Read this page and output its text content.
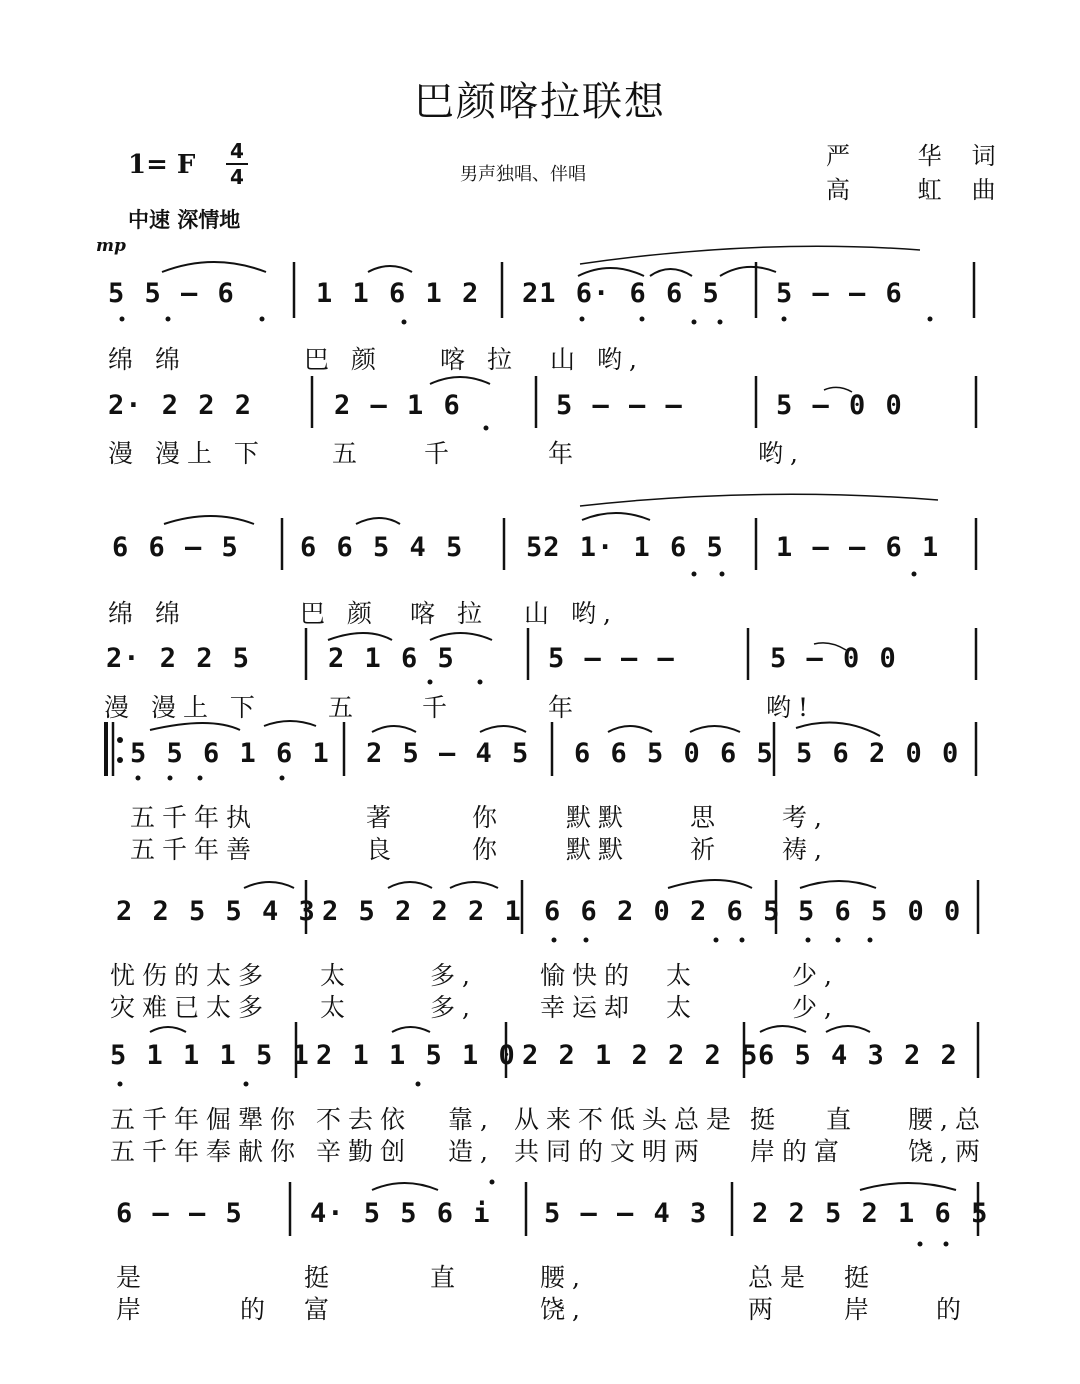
巴颜喀拉联想
1= F 4
4	男声独唱、伴唱
严 华词
高 虹曲
中速 深情地
mp
5 5 – 6	1 1 6 1 2 21 6· 6 6 5 5 – – 6
绵 绵	巴 颜 喀 拉 山 哟,
2· 2 2 2	2 – 1 6	5 – – –	5 – 0 0
漫 漫上 下	五 千	年	哟,
6 6 – 5 6 6 5 4 5 52 1· 1 6 5 1 – – 6 1
绵 绵	巴 颜 喀 拉 山 哟,
2· 2 2 5	2 1 6 5	5 – – –	5 – 0 0
漫 漫上 下	五 千	年	哟!
5 5 6 1 6 1 2 5 – 4 5 6 6 5 0 6 5 5 6 2 0 0
五千年执	著	你 默默 思 考,
五千年善	良	你 默默 祈 祷,
2 2 5 5 4 3 2 5 2 2 2 1 6 6 2 0 2 6 5 5 6 5 0 0
忧伤的太多 太	多,	愉快的 太	少,
灾难已太多 太	多,	幸运却 太	少,
5 1 1 1 5 1 2 1 1 5 1 0 2 2 1 2 2 2 5 6 5 4 3 2 2
五千年倔犟你 不去依 靠, 从来不低头总是 挺 直 腰,总
五千年奉献你 辛勤创 造, 共同的文明两 岸的富 饶,两
6 – – 5 4· 5 5 6 i 5 – – 4 3 2 2 5 2 1 6 5
是	挺	直	腰,	总是 挺
岸	的 富	饶,	两	岸 的
